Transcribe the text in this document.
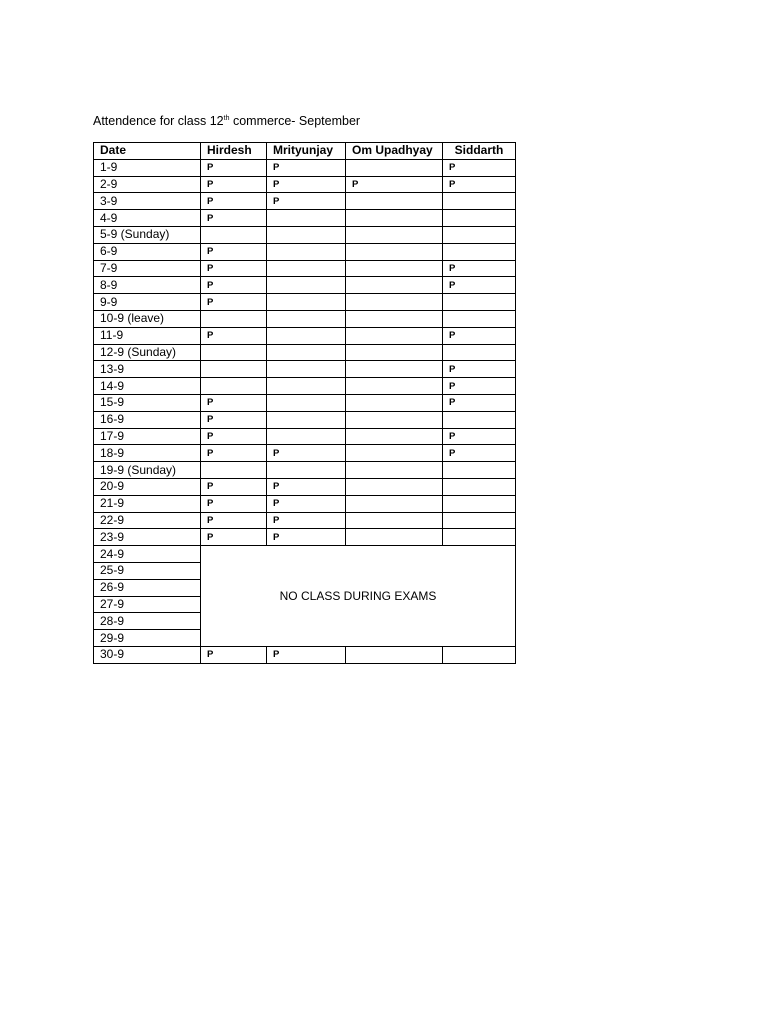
Attendence for class 12th commerce- September
Date	Hirdesh	Mrityunjay	Om Upadhyay	Siddarth
1-9	P	P		P
2-9	P	P	P	P
3-9	P	P		
4-9	P			
5-9 (Sunday)				
6-9	P			
7-9	P			P
8-9	P			P
9-9	P			
10-9 (leave)				
11-9	P			P
12-9 (Sunday)				
13-9				P
14-9				P
15-9	P			P
16-9	P			
17-9	P			P
18-9	P	P		P
19-9 (Sunday)				
20-9	P	P		
21-9	P	P		
22-9	P	P		
23-9	P	P		
24-9	NO CLASS DURING EXAMS			
25-9				
26-9				
27-9				
28-9				
29-9				
30-9	P	P		
